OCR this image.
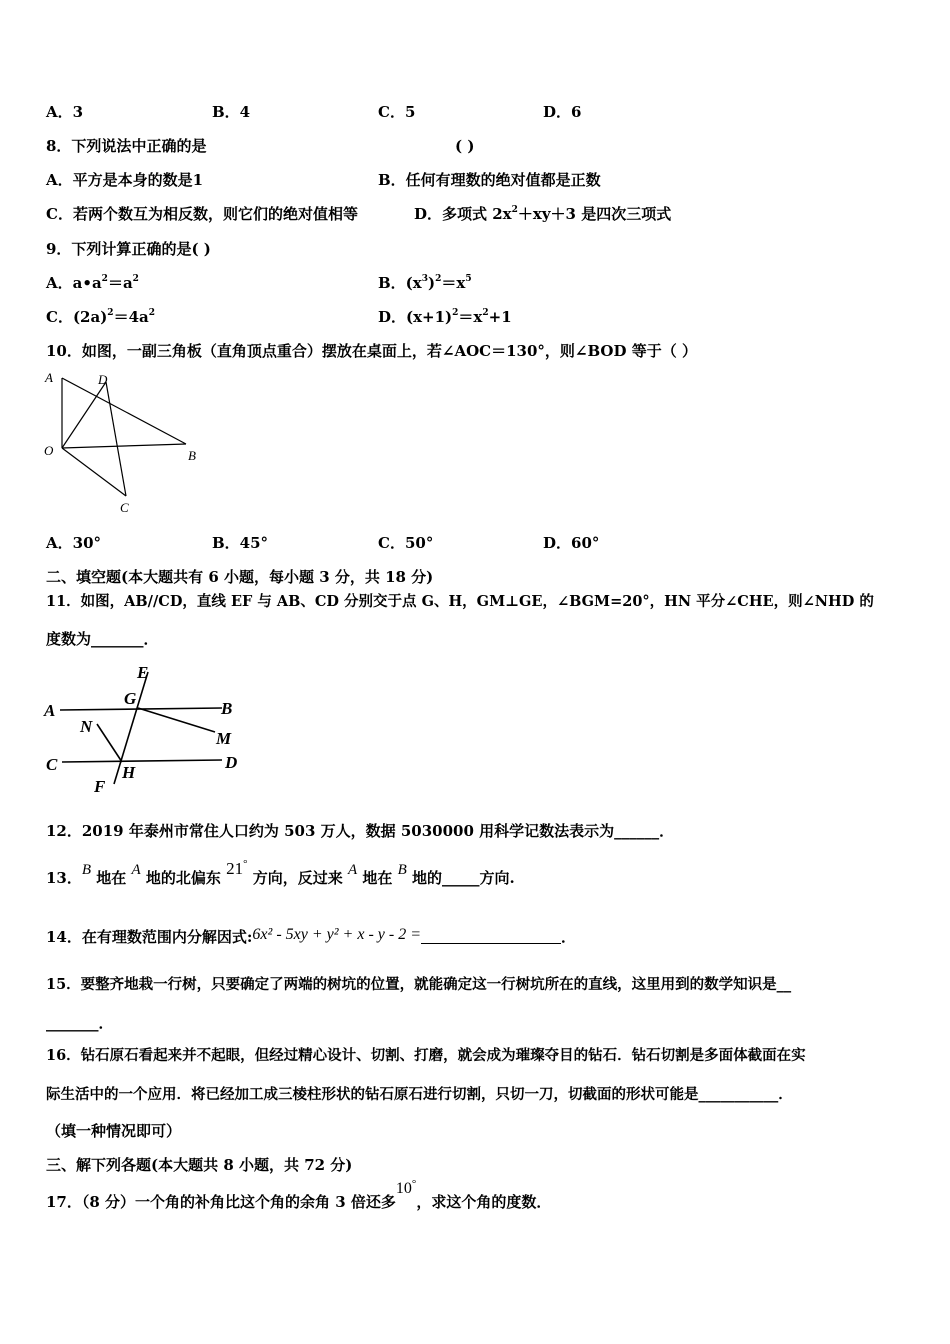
A．3	B．4	C．5	D．6
8．下列说法中正确的是	( )
A．平方是本身的数是1	B．任何有理数的绝对值都是正数
C．若两个数互为相反数，则它们的绝对值相等	D．多项式 $2x^2+xy+3$ 是四次三项式
9．下列计算正确的是( )
A．$a•a^2=a^2$	B．$(x^3)^2=x^5$
C．$(2a)^2=4a^2$	D．$(x+1)^2=x^2+1$
10．如图，一副三角板（直角顶点重合）摆放在桌面上，若∠AOC＝130°，则∠BOD 等于（ ）
A	D
O	B
C
A．30°	B．45°	C．50°	D．60°
二、填空题(本大题共有 6 小题，每小题 3 分，共 18 分)
11．如图，AB//CD，直线 EF 与 AB、CD 分别交于点 G、H，GM⊥GE，∠BGM=20°，HN 平分∠CHE，则∠NHD 的
度数为_______．
E
G
A	B
N
M
C	H
D
F
12．2019 年泰州市常住人口约为 503 万人，数据 5030000 用科学记数法表示为______．
13．B 地在 A 地的北偏东 21° 方向，反过来 A 地在 B 地的_____方向.
14．在有理数范围内分解因式:6x² - 5xy + y² + x - y - 2 =	．
15．要整齐地栽一行树，只要确定了两端的树坑的位置，就能确定这一行树坑所在的直线，这里用到的数学知识是__
_______．
16．钻石原石看起来并不起眼，但经过精心设计、切割、打磨，就会成为璀璨夺目的钻石．钻石切割是多面体截面在实
际生活中的一个应用．将已经加工成三棱柱形状的钻石原石进行切割，只切一刀，切截面的形状可能是___________．
（填一种情况即可）
三、解下列各题(本大题共 8 小题，共 72 分)
17．（8 分）一个角的补角比这个角的余角 3 倍还多10°，求这个角的度数．
